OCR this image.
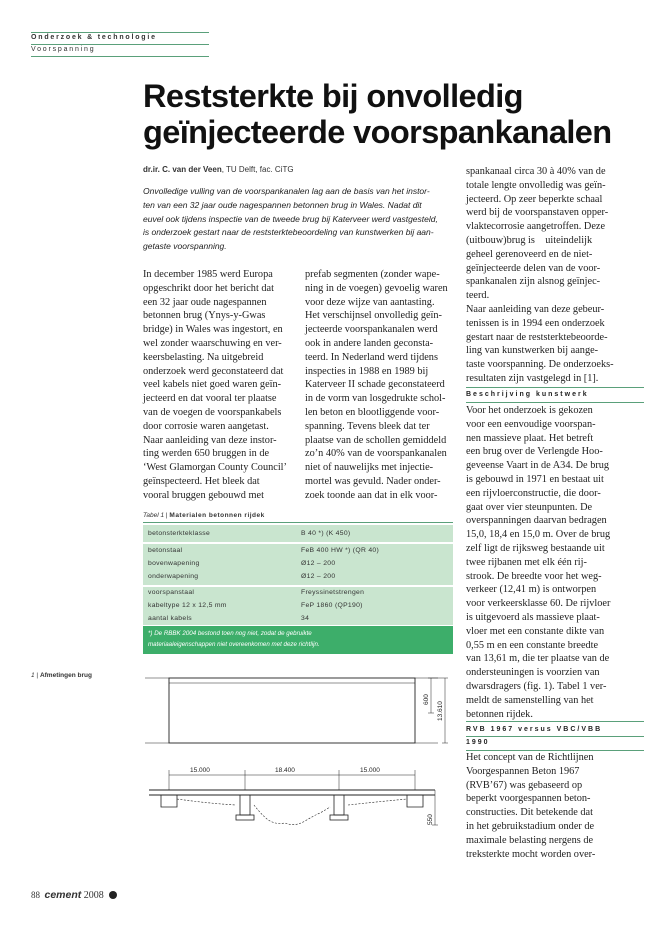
Onderzoek & technologie
Voorspanning
Reststerkte bij onvolledig
geïnjecteerde voorspankanalen
dr.ir. C. van der Veen, TU Delft, fac. CiTG

Onvolledige vulling van de voorspankanalen lag aan de basis van het instor-
ten van een 32 jaar oude nagespannen betonnen brug in Wales. Nadat dit
euvel ook tijdens inspectie van de tweede brug bij Katerveer werd vastgesteld,
is onderzoek gestart naar de reststerktebeoordeling van kunstwerken bij aan-
getaste voorspanning.

In december 1985 werd Europa
opgeschrikt door het bericht dat
een 32 jaar oude nagespannen
betonnen brug (Ynys-y-Gwas
bridge) in Wales was ingestort, en
wel zonder waarschuwing en ver-
keersbelasting. Na uitgebreid
onderzoek werd geconstateerd dat
veel kabels niet goed waren geïn-
jecteerd en dat vooral ter plaatse
van de voegen de voorspankabels
door corrosie waren aangetast.
Naar aanleiding van deze instor-
ting werden 650 bruggen in de
‘West Glamorgan County Council’
geïnspecteerd. Het bleek dat
vooral bruggen gebouwd met

prefab segmenten (zonder wape-
ning in de voegen) gevoelig waren
voor deze wijze van aantasting.
Het verschijnsel onvolledig geïn-
jecteerde voorspankanalen werd
ook in andere landen geconsta-
teerd. In Nederland werd tijdens
inspecties in 1988 en 1989 bij
Katerveer II schade geconstateerd
in de vorm van losgedrukte schol-
len beton en blootliggende voor-
spanning. Tevens bleek dat ter
plaatse van de schollen gemiddeld
zo’n 40% van de voorspankanalen
niet of nauwelijks met injectie-
mortel was gevuld. Nader onder-
zoek toonde aan dat in elk voor-

spankanaal circa 30 à 40% van de
totale lengte onvolledig was geïn-
jecteerd. Op zeer beperkte schaal
werd bij de voorspanstaven opper-
vlaktecorrosie aangetroffen. Deze
(uitbouw)brug is    uiteindelijk
geheel gerenoveerd en de niet-
geïnjecteerde delen van de voor-
spankanalen zijn alsnog geïnjec-
teerd.
Naar aanleiding van deze gebeur-
tenissen is in 1994 een onderzoek
gestart naar de reststerktebeoorde-
ling van kunstwerken bij aange-
taste voorspanning. De onderzoeks-
resultaten zijn vastgelegd in [1].

Beschrijving kunstwerk

Voor het onderzoek is gekozen
voor een eenvoudige voorspan-
nen massieve plaat. Het betreft
een brug over de Verlengde Hoo-
geveense Vaart in de A34. De brug
is gebouwd in 1971 en bestaat uit
een rijvloerconstructie, die door-
gaat over vier steunpunten. De
overspanningen daarvan bedragen
15,0, 18,4 en 15,0 m. Over de brug
zelf ligt de rijksweg bestaande uit
twee rijbanen met elk één rij-
strook. De breedte voor het weg-
verkeer (12,41 m) is ontworpen
voor verkeersklasse 60. De rijvloer
is uitgevoerd als massieve plaat-
vloer met een constante dikte van
0,55 m en een constante breedte
van 13,61 m, die ter plaatse van de
ondersteuningen is voorzien van
dwarsdragers (fig. 1). Tabel 1 ver-
meldt de samenstelling van het
betonnen rijdek.

RVB 1967 versus VBC/VBB
1990

Het concept van de Richtlijnen
Voorgespannen Beton 1967
(RVB’67) was gebaseerd op
beperkt voorgespannen beton-
constructies. Dit betekende dat
in het gebruikstadium onder de
maximale belasting nergens de
treksterkte mocht worden over-

Tabel 1 | Materialen betonnen rijdek
betonsterkteklasse	B 40 *) (K 450)
betonstaal	FeB 400 HW *) (QR 40)
bovenwapening	Ø12 – 200
onderwapening	Ø12 – 200
voorspanstaal	Freyssinetstrengen
kabeltype 12 x 12,5 mm	FeP 1860 (QP190)
aantal kabels	34
*) De RBBK 2004 bestond toen nog niet, zodat de gebruikte
materiaaleigenschappen niet overeenkomen met deze richtlijn.
1 | Afmetingen brug
600
13.610
15.000	18.400	15.000
550
88 cement 2008
